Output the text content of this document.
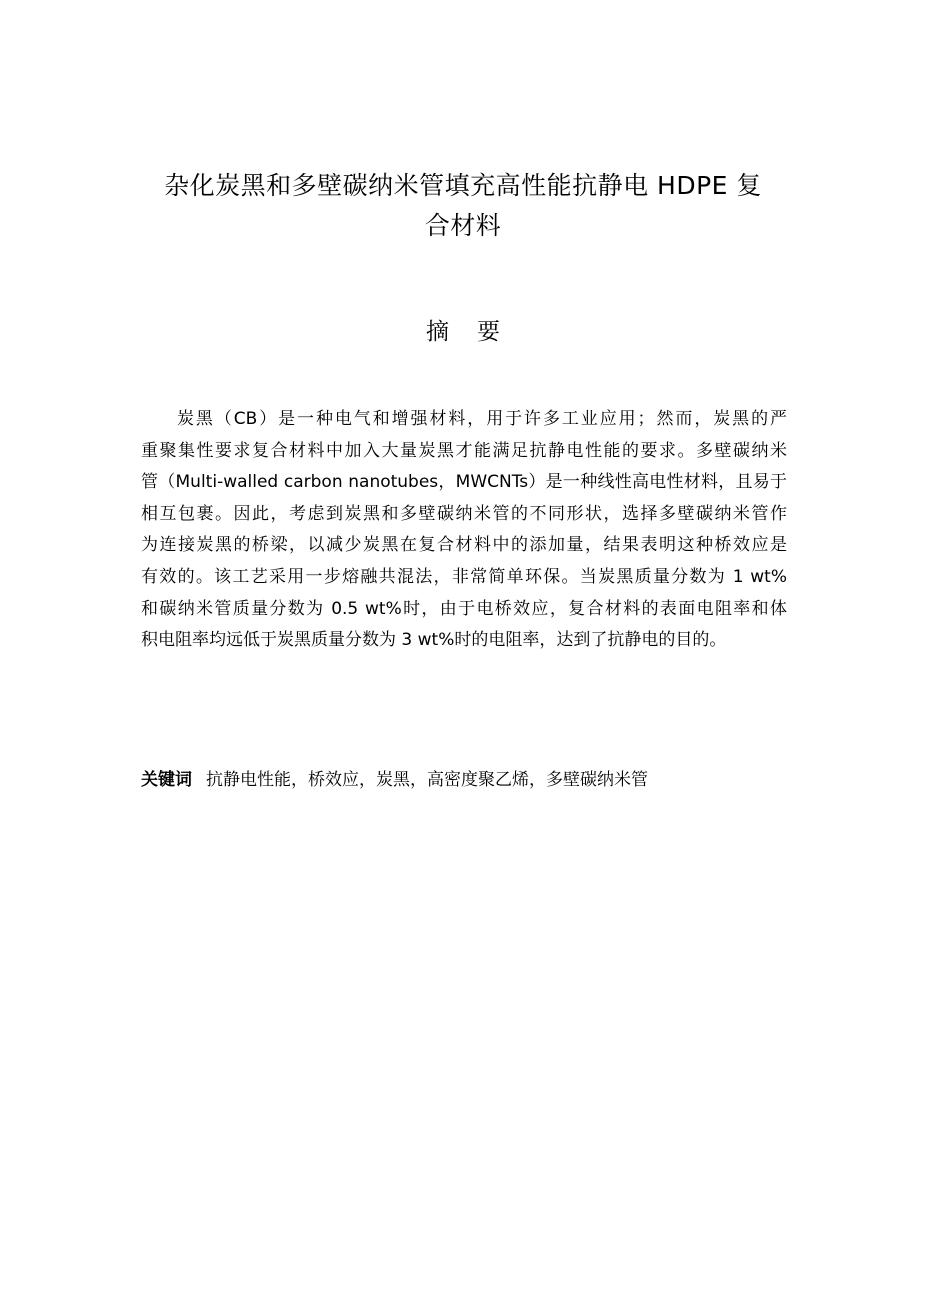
杂化炭黑和多壁碳纳米管填充高性能抗静电 HDPE 复
合材料
摘要
炭黑（CB）是一种电气和增强材料，用于许多工业应用；然而，炭黑的严
重聚集性要求复合材料中加入大量炭黑才能满足抗静电性能的要求。多壁碳纳米
管（Multi-walled carbon nanotubes，MWCNTs）是一种线性高电性材料，且易于
相互包裹。因此，考虑到炭黑和多壁碳纳米管的不同形状，选择多壁碳纳米管作
为连接炭黑的桥梁，以减少炭黑在复合材料中的添加量，结果表明这种桥效应是
有效的。该工艺采用一步熔融共混法，非常简单环保。当炭黑质量分数为 1 wt%
和碳纳米管质量分数为 0.5 wt%时，由于电桥效应，复合材料的表面电阻率和体
积电阻率均远低于炭黑质量分数为 3 wt%时的电阻率，达到了抗静电的目的。

关键词 抗静电性能，桥效应，炭黑，高密度聚乙烯，多壁碳纳米管
